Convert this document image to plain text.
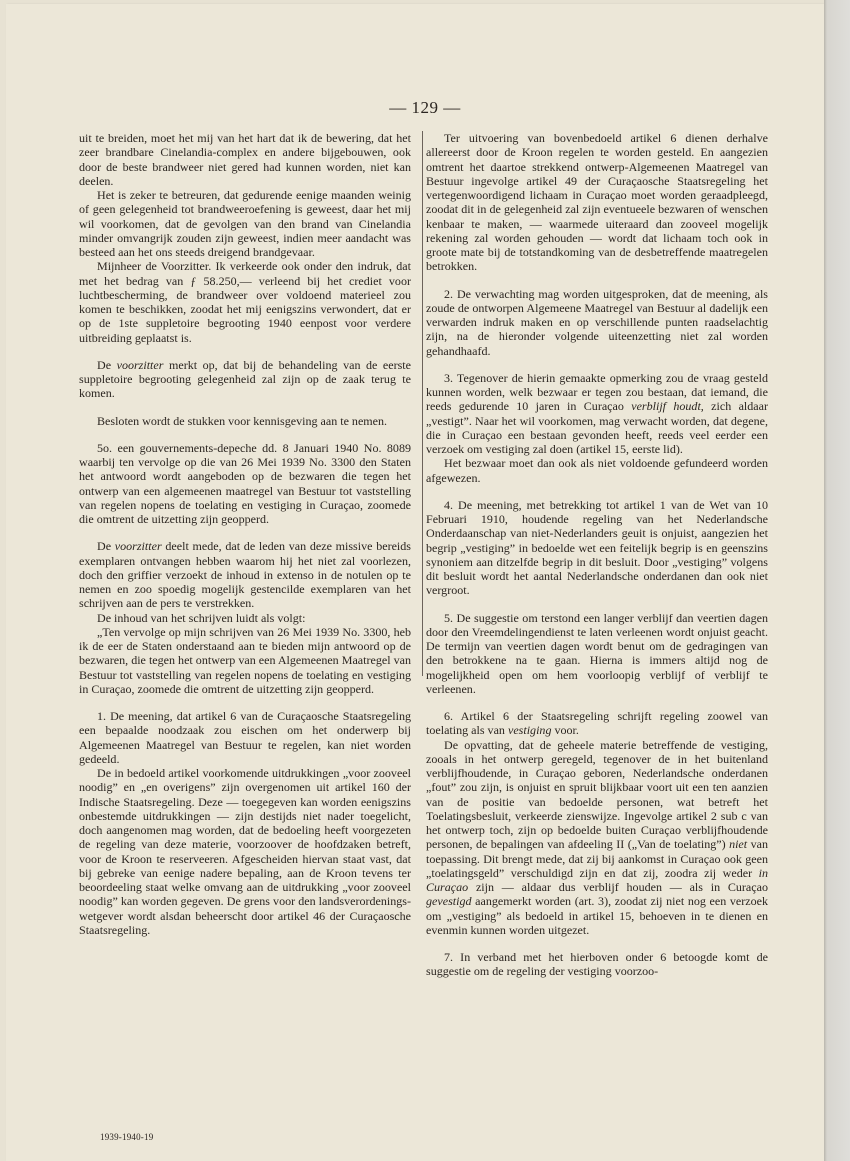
— 129 —

uit te breiden, moet het mij van het hart dat ik de bewering, dat het zeer brandbare Cinelandia-complex en andere bijgebouwen, ook door de beste brandweer niet gered had kunnen worden, niet kan deelen.

Het is zeker te betreuren, dat gedurende eenige maanden weinig of geen gelegenheid tot brandweeroefening is geweest, daar het mij wil voorkomen, dat de gevolgen van den brand van Cinelandia minder omvangrijk zouden zijn geweest, indien meer aandacht was besteed aan het ons steeds dreigend brandgevaar.

Mijnheer de Voorzitter. Ik verkeerde ook onder den indruk, dat met het bedrag van ƒ 58.250,— verleend bij het crediet voor luchtbescherming, de brandweer over voldoend materieel zou komen te beschikken, zoodat het mij eenigszins verwondert, dat er op de 1ste suppletoire begrooting 1940 eenpost voor verdere uitbreiding geplaatst is.

De voorzitter merkt op, dat bij de behandeling van de eerste suppletoire begrooting gelegenheid zal zijn op de zaak terug te komen.

Besloten wordt de stukken voor kennisgeving aan te nemen.

5o. een gouvernements-depeche dd. 8 Januari 1940 No. 8089 waarbij ten vervolge op die van 26 Mei 1939 No. 3300 den Staten het antwoord wordt aangeboden op de bezwaren die tegen het ontwerp van een algemeenen maatregel van Bestuur tot vaststelling van regelen nopens de toelating en vestiging in Curaçao, zoomede die omtrent de uitzetting zijn geopperd.

De voorzitter deelt mede, dat de leden van deze missive bereids exemplaren ontvangen hebben waarom hij het niet zal voorlezen, doch den griffier verzoekt de inhoud in extenso in de notulen op te nemen en zoo spoedig mogelijk gestencilde exemplaren van het schrijven aan de pers te verstrekken.

De inhoud van het schrijven luidt als volgt:

„Ten vervolge op mijn schrijven van 26 Mei 1939 No. 3300, heb ik de eer de Staten onderstaand aan te bieden mijn antwoord op de bezwaren, die tegen het ontwerp van een Algemeenen Maatregel van Bestuur tot vaststelling van regelen nopens de toelating en vestiging in Curaçao, zoomede die omtrent de uitzetting zijn geopperd.

1. De meening, dat artikel 6 van de Curaçaosche Staatsregeling een bepaalde noodzaak zou eischen om het onderwerp bij Algemeenen Maatregel van Bestuur te regelen, kan niet worden gedeeld.

De in bedoeld artikel voorkomende uitdrukkingen „voor zooveel noodig” en „en overigens” zijn overgenomen uit artikel 160 der Indische Staatsregeling. Deze — toegegeven kan worden eenigszins onbestemde uitdrukkingen — zijn destijds niet nader toegelicht, doch aangenomen mag worden, dat de bedoeling heeft voorgezeten de regeling van deze materie, voorzoover de hoofdzaken betreft, voor de Kroon te reserveeren. Afgescheiden hiervan staat vast, dat bij gebreke van eenige nadere bepaling, aan de Kroon tevens ter beoordeeling staat welke omvang aan de uitdrukking „voor zooveel noodig” kan worden gegeven. De grens voor den landsverordenings-wetgever wordt alsdan beheerscht door artikel 46 der Curaçaosche Staatsregeling.

Ter uitvoering van bovenbedoeld artikel 6 dienen derhalve allereerst door de Kroon regelen te worden gesteld. En aangezien omtrent het daartoe strekkend ontwerp-Algemeenen Maatregel van Bestuur ingevolge artikel 49 der Curaçaosche Staatsregeling het vertegenwoordigend lichaam in Curaçao moet worden geraadpleegd, zoodat dit in de gelegenheid zal zijn eventueele bezwaren of wenschen kenbaar te maken, — waarmede uiteraard dan zooveel mogelijk rekening zal worden gehouden — wordt dat lichaam toch ook in groote mate bij de totstandkoming van de desbetreffende maatregelen betrokken.

2. De verwachting mag worden uitgesproken, dat de meening, als zoude de ontworpen Algemeene Maatregel van Bestuur al dadelijk een verwarden indruk maken en op verschillende punten raadselachtig zijn, na de hieronder volgende uiteenzetting niet zal worden gehandhaafd.

3. Tegenover de hierin gemaakte opmerking zou de vraag gesteld kunnen worden, welk bezwaar er tegen zou bestaan, dat iemand, die reeds gedurende 10 jaren in Curaçao verblijf houdt, zich aldaar „vestigt”. Naar het wil voorkomen, mag verwacht worden, dat degene, die in Curaçao een bestaan gevonden heeft, reeds veel eerder een verzoek om vestiging zal doen (artikel 15, eerste lid).

Het bezwaar moet dan ook als niet voldoende gefundeerd worden afgewezen.

4. De meening, met betrekking tot artikel 1 van de Wet van 10 Februari 1910, houdende regeling van het Nederlandsche Onderdaanschap van niet-Nederlanders geuit is onjuist, aangezien het begrip „vestiging” in bedoelde wet een feitelijk begrip is en geenszins synoniem aan ditzelfde begrip in dit besluit. Door „vestiging” volgens dit besluit wordt het aantal Nederlandsche onderdanen dan ook niet vergroot.

5. De suggestie om terstond een langer verblijf dan veertien dagen door den Vreemdelingendienst te laten verleenen wordt onjuist geacht. De termijn van veertien dagen wordt benut om de gedragingen van den betrokkene na te gaan. Hierna is immers altijd nog de mogelijkheid open om hem voorloopig verblijf of verblijf te verleenen.

6. Artikel 6 der Staatsregeling schrijft regeling zoowel van toelating als van vestiging voor.

De opvatting, dat de geheele materie betreffende de vestiging, zooals in het ontwerp geregeld, tegenover de in het buitenland verblijfhoudende, in Curaçao geboren, Nederlandsche onderdanen „fout” zou zijn, is onjuist en spruit blijkbaar voort uit een ten aanzien van de positie van bedoelde personen, wat betreft het Toelatingsbesluit, verkeerde zienswijze. Ingevolge artikel 2 sub c van het ontwerp toch, zijn op bedoelde buiten Curaçao verblijfhoudende personen, de bepalingen van afdeeling II („Van de toelating”) niet van toepassing. Dit brengt mede, dat zij bij aankomst in Curaçao ook geen „toelatingsgeld” verschuldigd zijn en dat zij, zoodra zij weder in Curaçao zijn — aldaar dus verblijf houden — als in Curaçao gevestigd aangemerkt worden (art. 3), zoodat zij niet nog een verzoek om „vestiging” als bedoeld in artikel 15, behoeven in te dienen en evenmin kunnen worden uitgezet.

7. In verband met het hierboven onder 6 betoogde komt de suggestie om de regeling der vestiging voorzoo-

1939-1940-19
